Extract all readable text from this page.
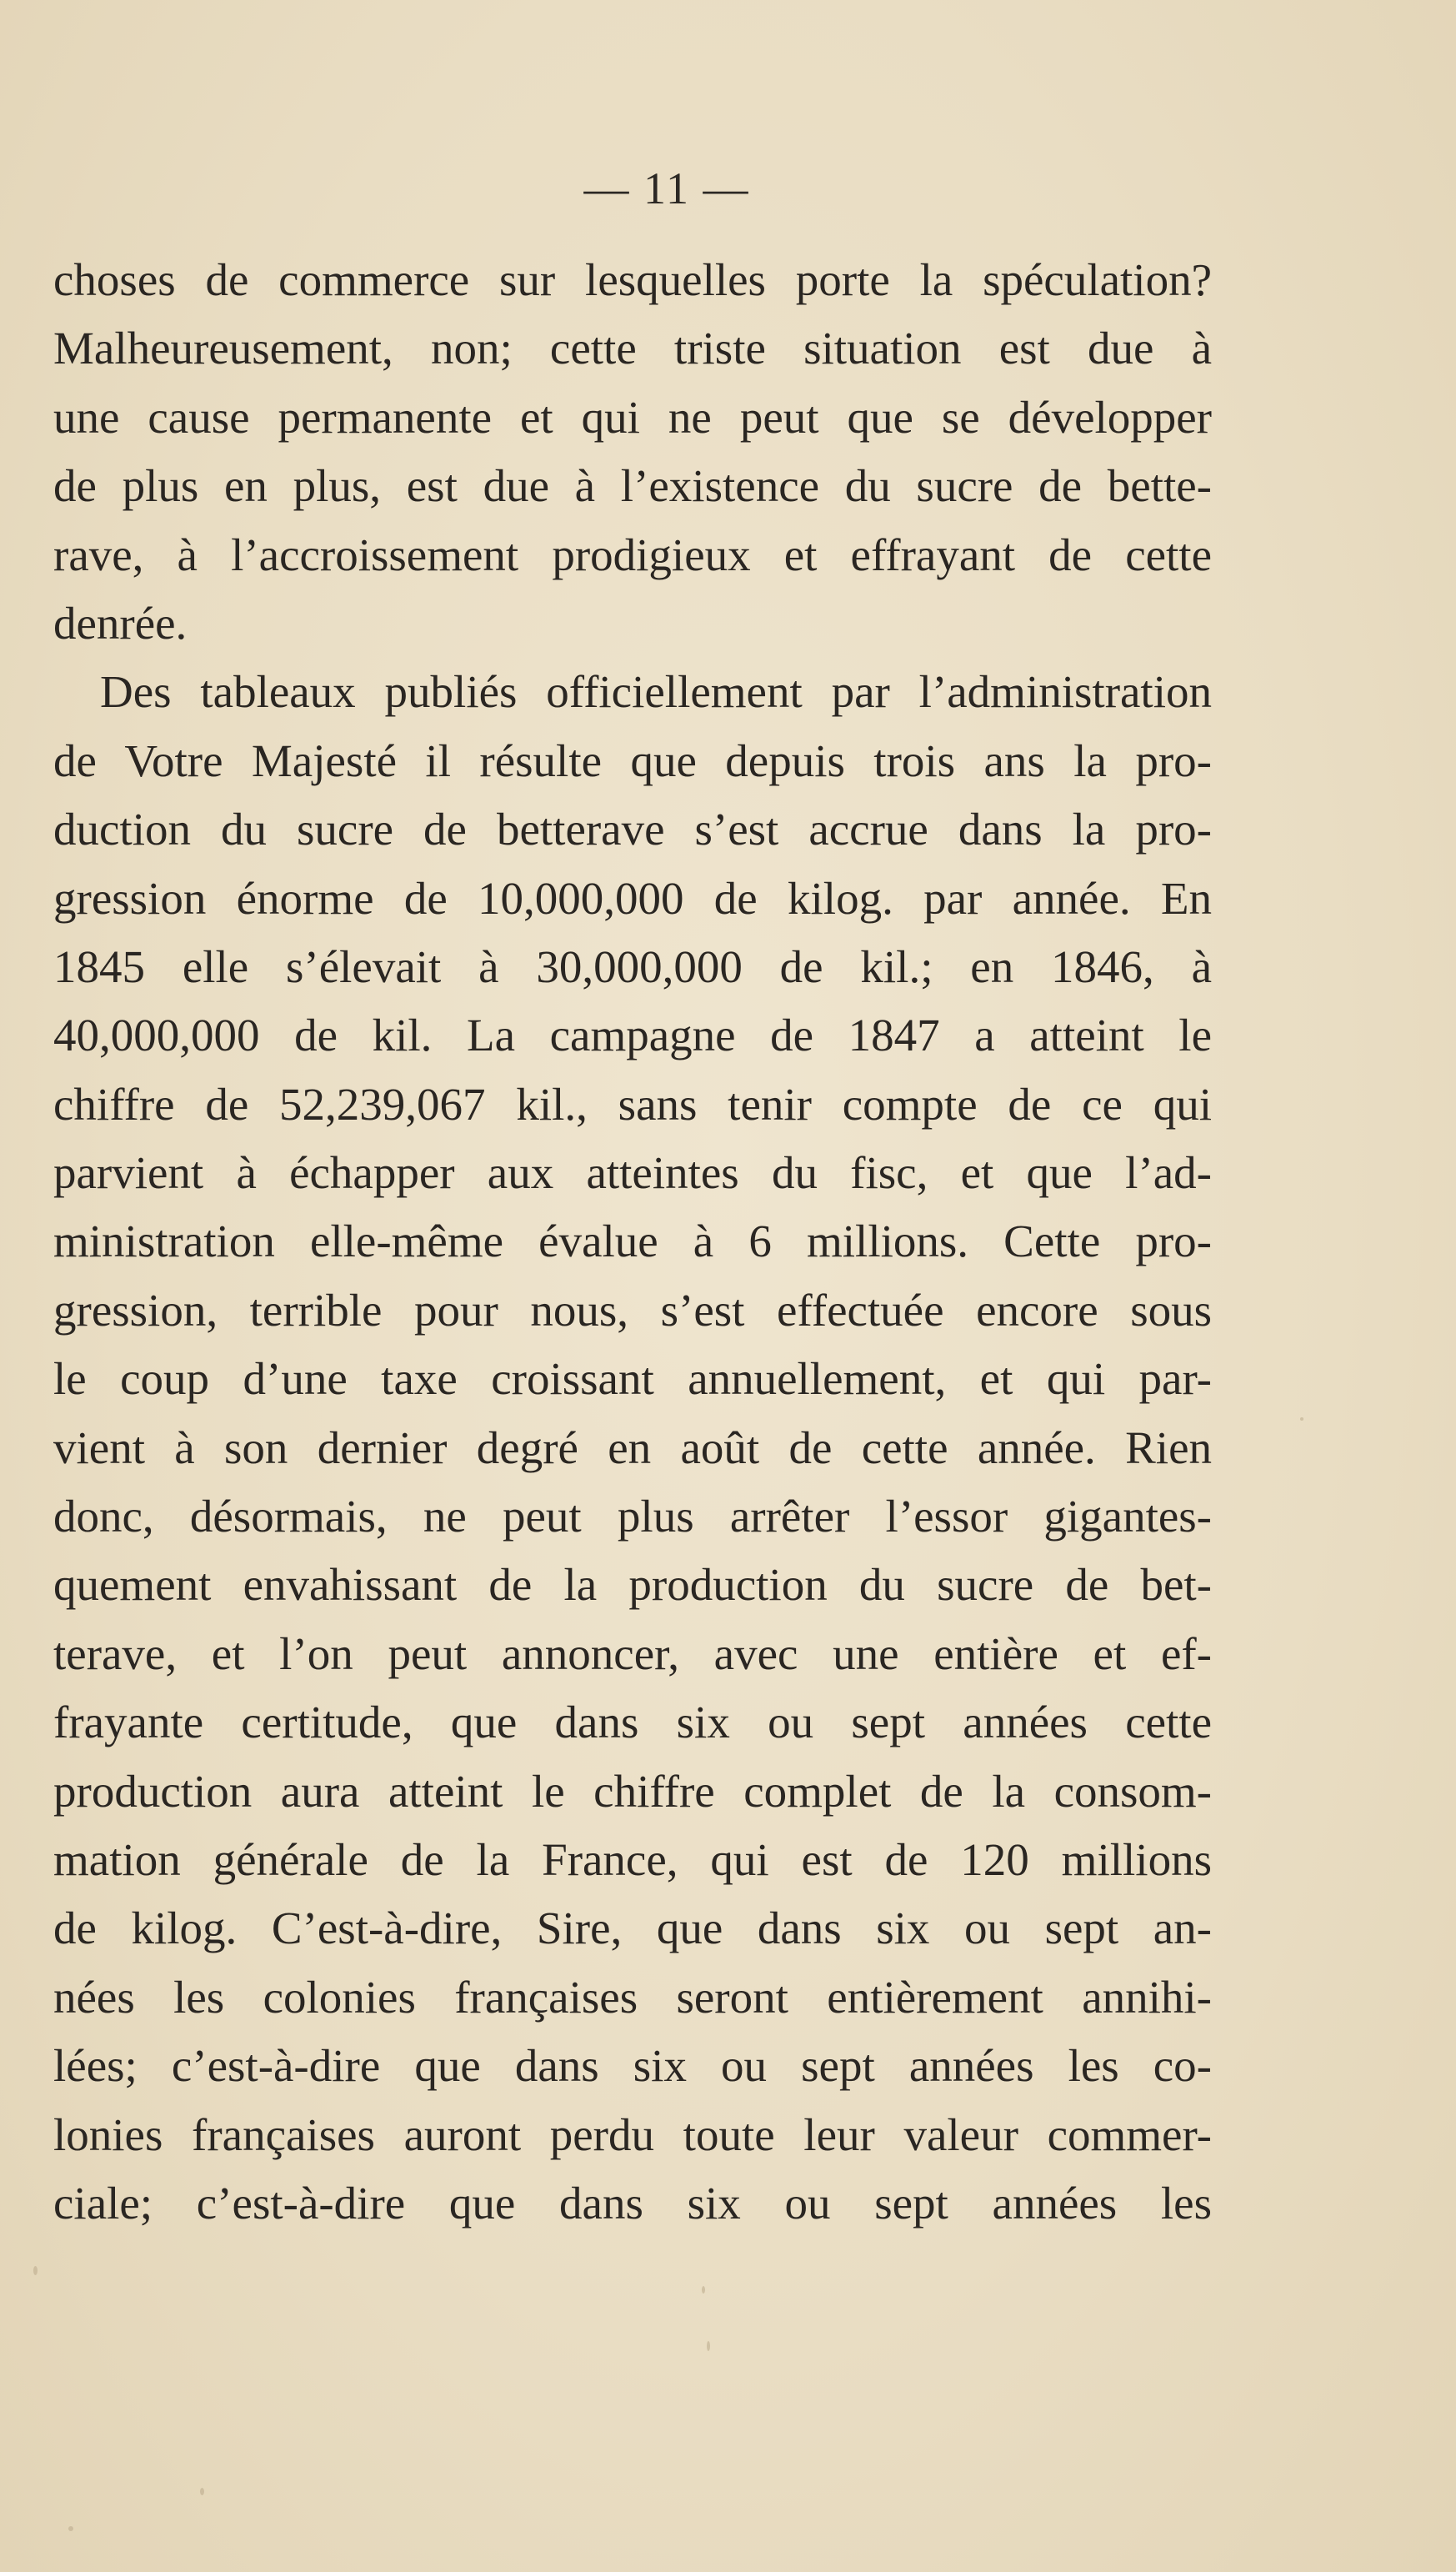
— 11 —
choses de commerce sur lesquelles porte la spéculation?
Malheureusement, non; cette triste situation est due à
une cause permanente et qui ne peut que se développer
de plus en plus, est due à l’existence du sucre de bette-
rave, à l’accroissement prodigieux et effrayant de cette
denrée.
Des tableaux publiés officiellement par l’administration
de Votre Majesté il résulte que depuis trois ans la pro-
duction du sucre de betterave s’est accrue dans la pro-
gression énorme de 10,000,000 de kilog. par année. En
1845 elle s’élevait à 30,000,000 de kil.; en 1846, à
40,000,000 de kil. La campagne de 1847 a atteint le
chiffre de 52,239,067 kil., sans tenir compte de ce qui
parvient à échapper aux atteintes du fisc, et que l’ad-
ministration elle-même évalue à 6 millions. Cette pro-
gression, terrible pour nous, s’est effectuée encore sous
le coup d’une taxe croissant annuellement, et qui par-
vient à son dernier degré en août de cette année. Rien
donc, désormais, ne peut plus arrêter l’essor gigantes-
quement envahissant de la production du sucre de bet-
terave, et l’on peut annoncer, avec une entière et ef-
frayante certitude, que dans six ou sept années cette
production aura atteint le chiffre complet de la consom-
mation générale de la France, qui est de 120 millions
de kilog. C’est-à-dire, Sire, que dans six ou sept an-
nées les colonies françaises seront entièrement annihi-
lées; c’est-à-dire que dans six ou sept années les co-
lonies françaises auront perdu toute leur valeur commer-
ciale; c’est-à-dire que dans six ou sept années les
